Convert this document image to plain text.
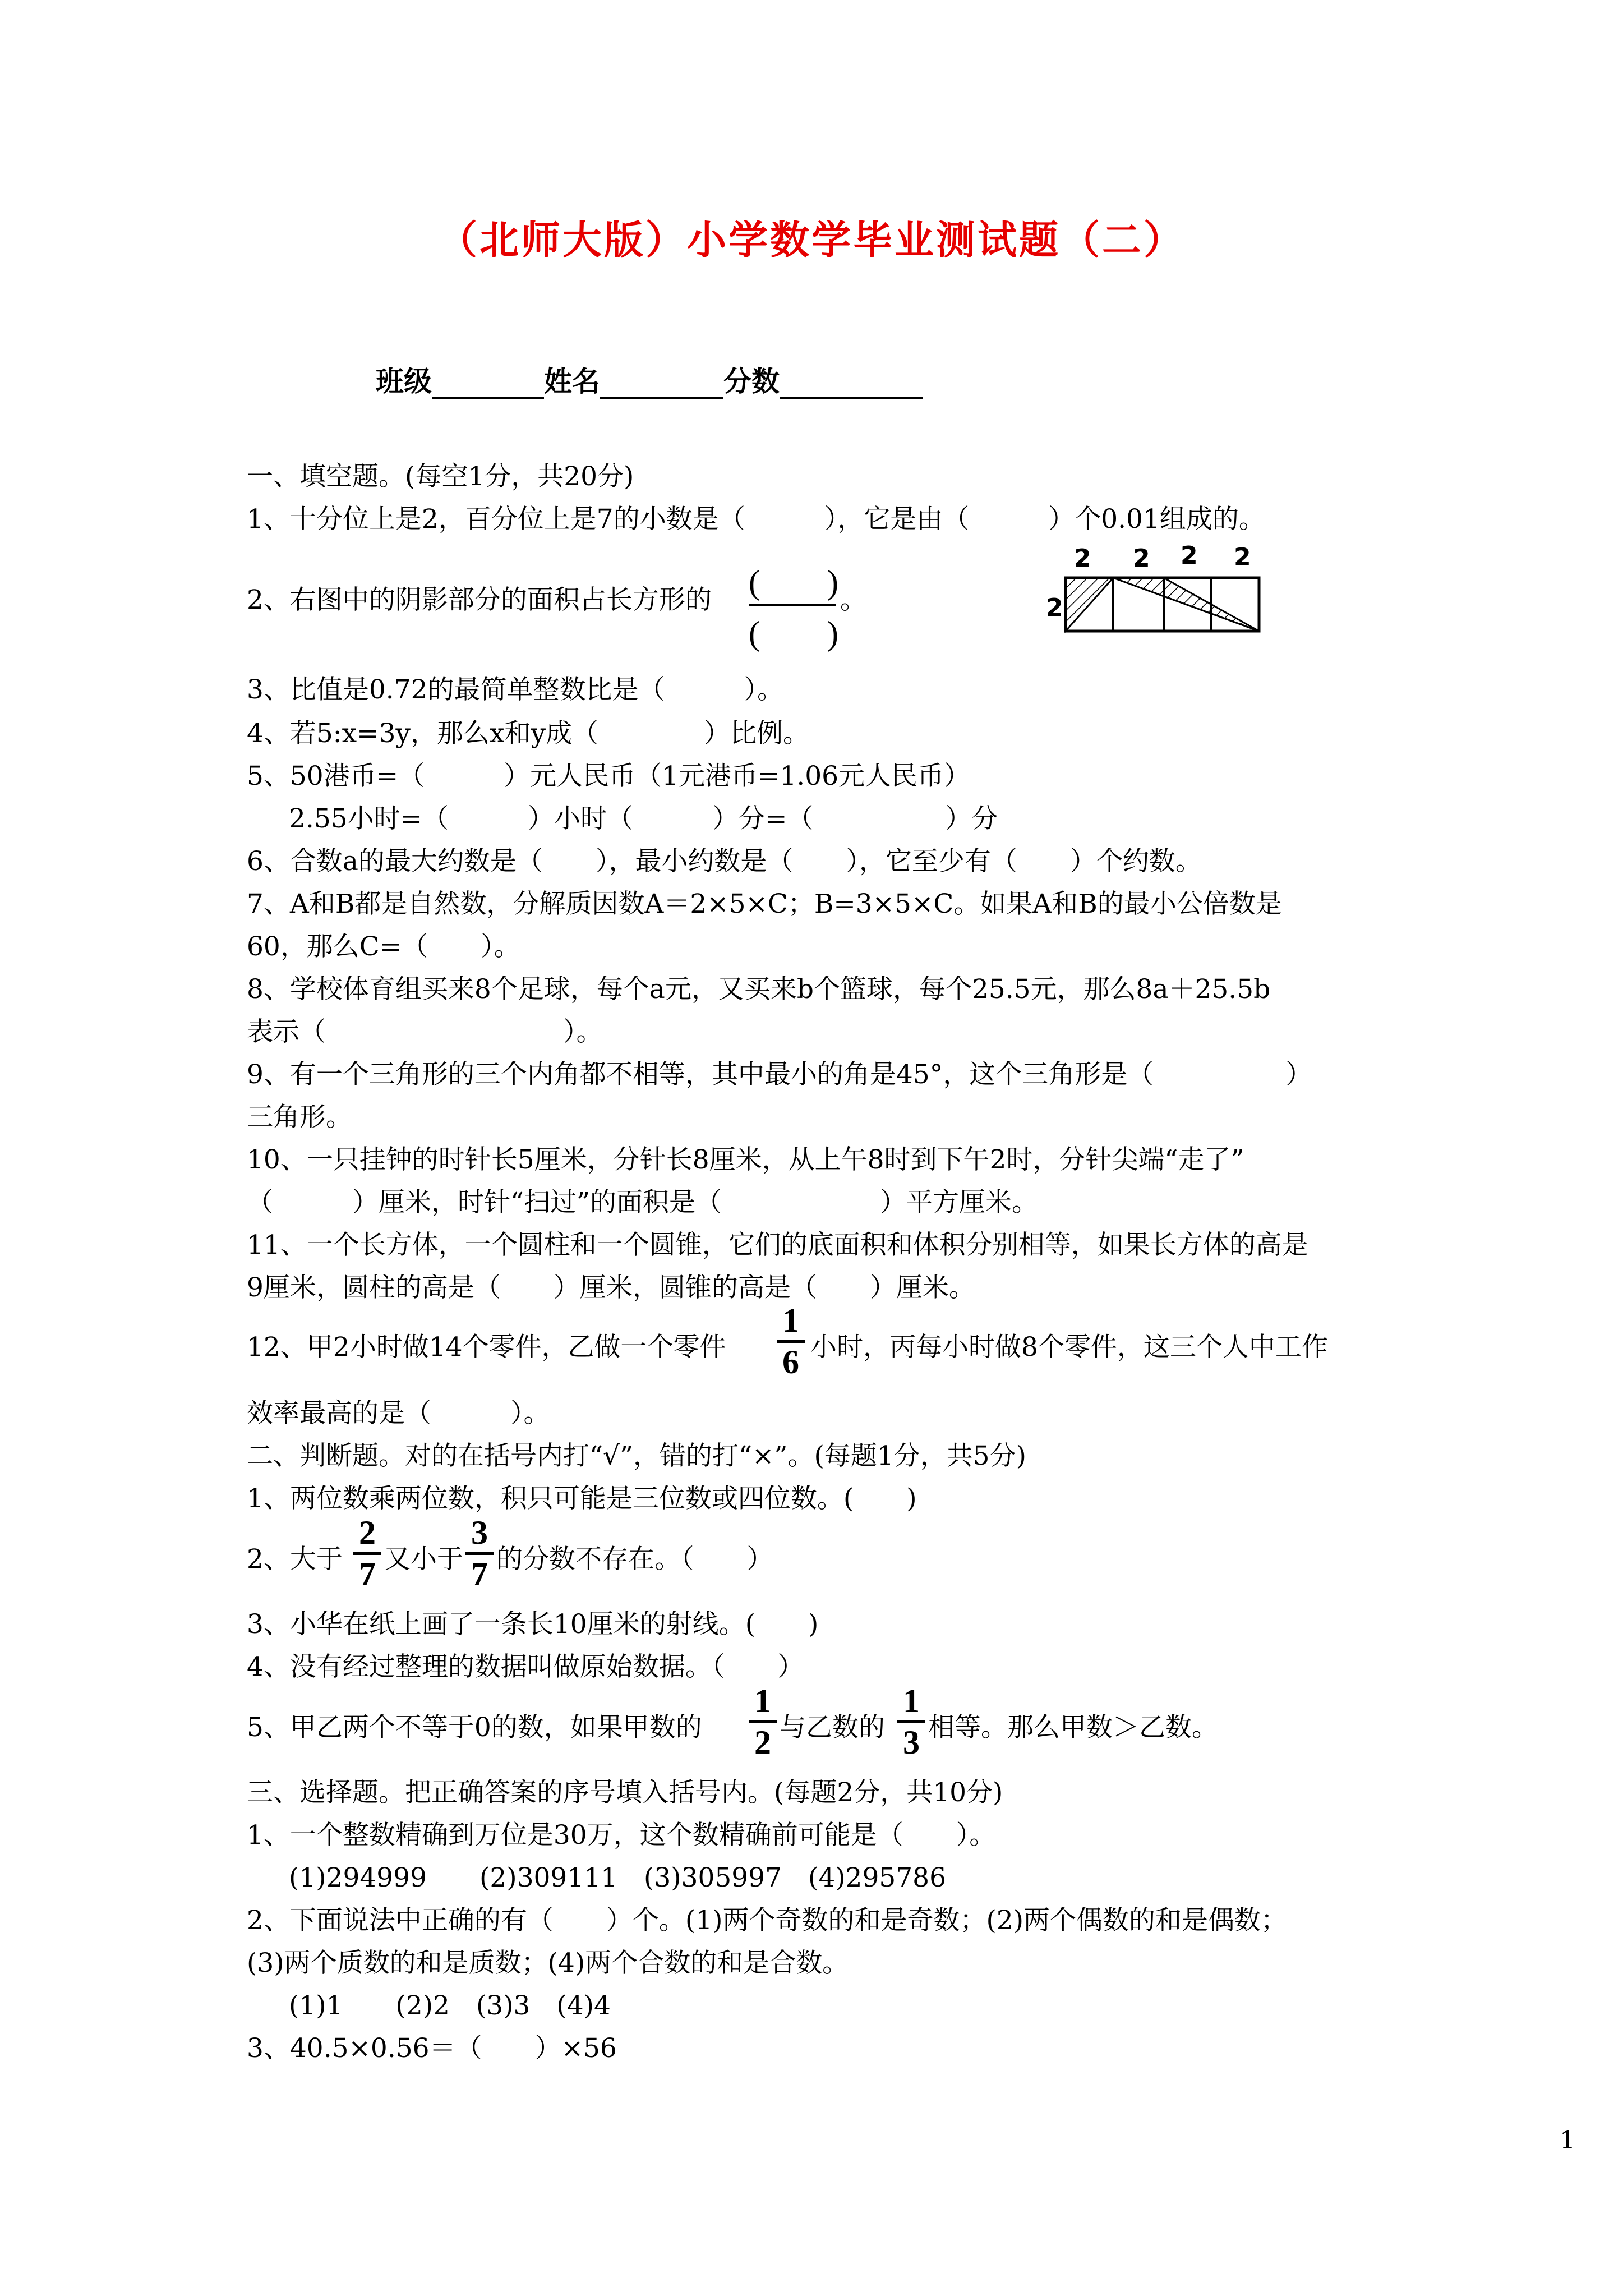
（北师大版）小学数学毕业测试题（二）
班级	姓名	分数
一、填空题。(每空1分，共20分)
1、十分位上是2，百分位上是7的小数是（　　　），它是由（　　　）个0.01组成的。
2、右图中的阴影部分的面积占长方形的 (　　)
(　　)
。	2
2 2 2 2
3、比值是0.72的最简单整数比是（　　　）。
4、若5:x=3y，那么x和y成（　　　　）比例。
5、50港币=（　　　）元人民币（1元港币=1.06元人民币）
2.55小时=（　　　）小时（　　　）分=（　　　　　）分
6、合数a的最大约数是（　　），最小约数是（　　），它至少有（　　）个约数。
7、A和B都是自然数，分解质因数A＝2×5×C；B=3×5×C。如果A和B的最小公倍数是
60，那么C=（　　）。
8、学校体育组买来8个足球，每个a元，又买来b个篮球，每个25.5元，那么8a＋25.5b
表示（　　　　　　　　　）。
9、有一个三角形的三个内角都不相等，其中最小的角是45°，这个三角形是（　　　　　）
三角形。
10、一只挂钟的时针长5厘米，分针长8厘米，从上午8时到下午2时，分针尖端“走了”
（　　　）厘米，时针“扫过”的面积是（　　　　　　）平方厘米。
11、一个长方体，一个圆柱和一个圆锥，它们的底面积和体积分别相等，如果长方体的高是
9厘米，圆柱的高是（　　）厘米，圆锥的高是（　　）厘米。
12、甲2小时做14个零件，乙做一个零件 $\frac{1}{6}$ 小时，丙每小时做8个零件，这三个人中工作
效率最高的是（　　　）。
二、判断题。对的在括号内打“√”，错的打“×”。(每题1分，共5分)
1、两位数乘两位数，积只可能是三位数或四位数。(　　)
2、大于 $\frac{2}{7}$ 又小于 $\frac{3}{7}$ 的分数不存在。（　　）
3、小华在纸上画了一条长10厘米的射线。(　　)
4、没有经过整理的数据叫做原始数据。（　　）
5、甲乙两个不等于0的数，如果甲数的 $\frac{1}{2}$ 与乙数的 $\frac{1}{3}$ 相等。那么甲数＞乙数。
三、选择题。把正确答案的序号填入括号内。(每题2分，共10分)
1、一个整数精确到万位是30万，这个数精确前可能是（　　）。
(1)294999　　(2)309111　(3)305997　(4)295786
2、下面说法中正确的有（　　）个。(1)两个奇数的和是奇数；(2)两个偶数的和是偶数；
(3)两个质数的和是质数；(4)两个合数的和是合数。
(1)1　　(2)2　(3)3　(4)4
3、40.5×0.56＝（　　）×56
1
